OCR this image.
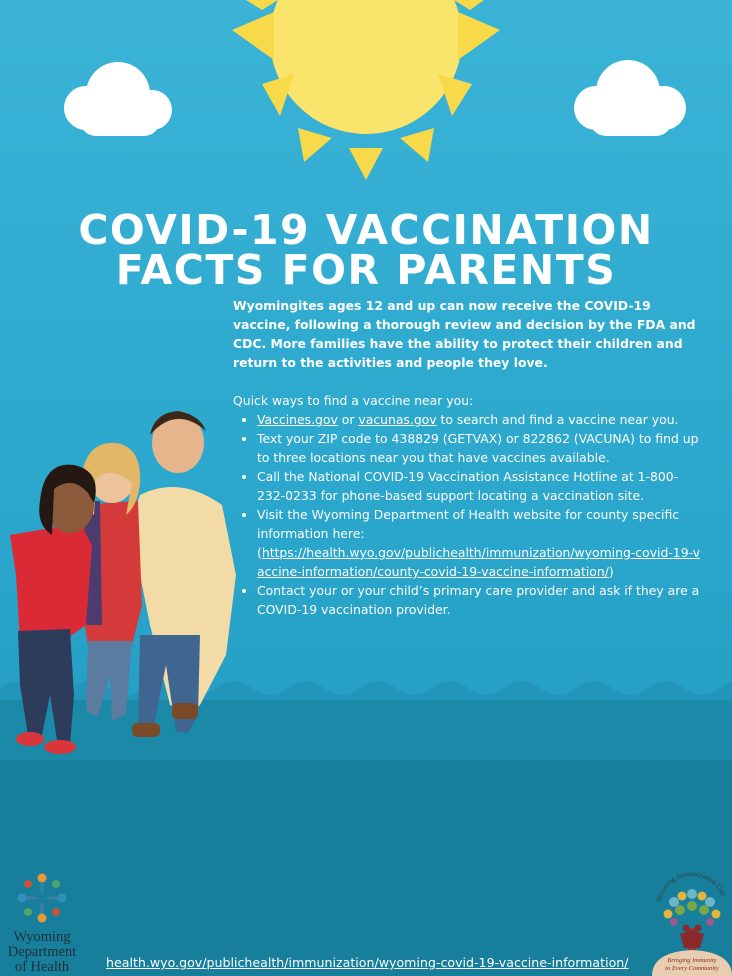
COVID-19 VACCINATION
FACTS FOR PARENTS
Wyomingites ages 12 and up can now receive the COVID-19 vaccine, following a thorough review and decision by the FDA and CDC. More families have the ability to protect their children and return to the activities and people they love.
Quick ways to find a vaccine near you:
• Vaccines.gov or vacunas.gov to search and find a vaccine near you.
• Text your ZIP code to 438829 (GETVAX) or 822862 (VACUNA) to find up to three locations near you that have vaccines available.
• Call the National COVID-19 Vaccination Assistance Hotline at 1-800-232-0233 for phone-based support locating a vaccination site.
• Visit the Wyoming Department of Health website for county specific information here:
(https://health.wyo.gov/publichealth/immunization/wyoming-covid-19-vaccine-information/county-covid-19-vaccine-information/)
• Contact your or your child’s primary care provider and ask if they are a COVID-19 vaccination provider.
Wyoming
Department
of Health	health.wyo.gov/publichealth/immunization/wyoming-covid-19-vaccine-information/
Wyoming Immunization Unit
Bringing Immunity
to Every Community
